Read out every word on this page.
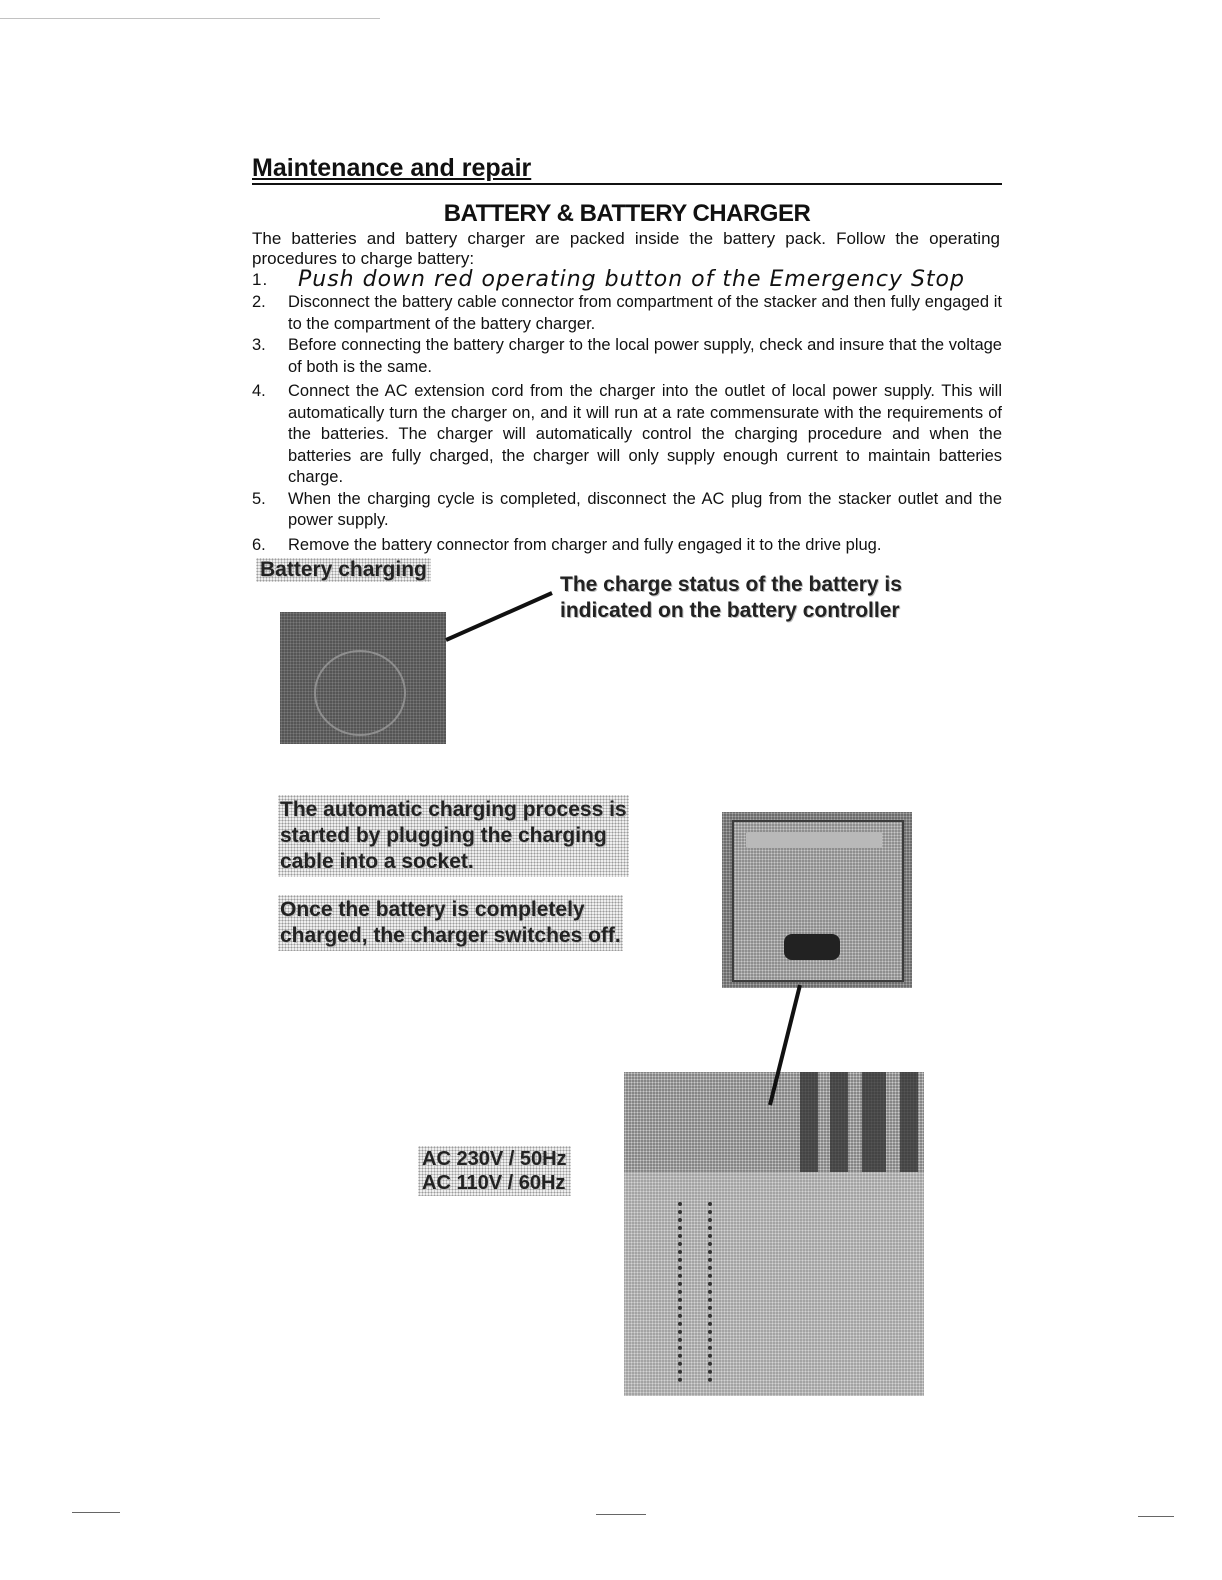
Maintenance and repair
BATTERY & BATTERY CHARGER
The batteries and battery charger are packed inside the battery pack. Follow the operating procedures to charge battery:
1. Push down red operating button of the Emergency Stop
2. Disconnect the battery cable connector from compartment of the stacker and then fully engaged it to the compartment of the battery charger.
3. Before connecting the battery charger to the local power supply, check and insure that the voltage of both is the same.
4. Connect the AC extension cord from the charger into the outlet of local power supply. This will automatically turn the charger on, and it will run at a rate commensurate with the requirements of the batteries. The charger will automatically control the charging procedure and when the batteries are fully charged, the charger will only supply enough current to maintain batteries charge.
5. When the charging cycle is completed, disconnect the AC plug from the stacker outlet and the power supply.
6. Remove the battery connector from charger and fully engaged it to the drive plug.
Battery charging
The charge status of the battery is
indicated on the battery controller
The automatic charging process is
started by plugging the charging
cable into a socket.
Once the battery is completely
charged, the charger switches off.
AC 230V / 50Hz
AC 110V / 60Hz
